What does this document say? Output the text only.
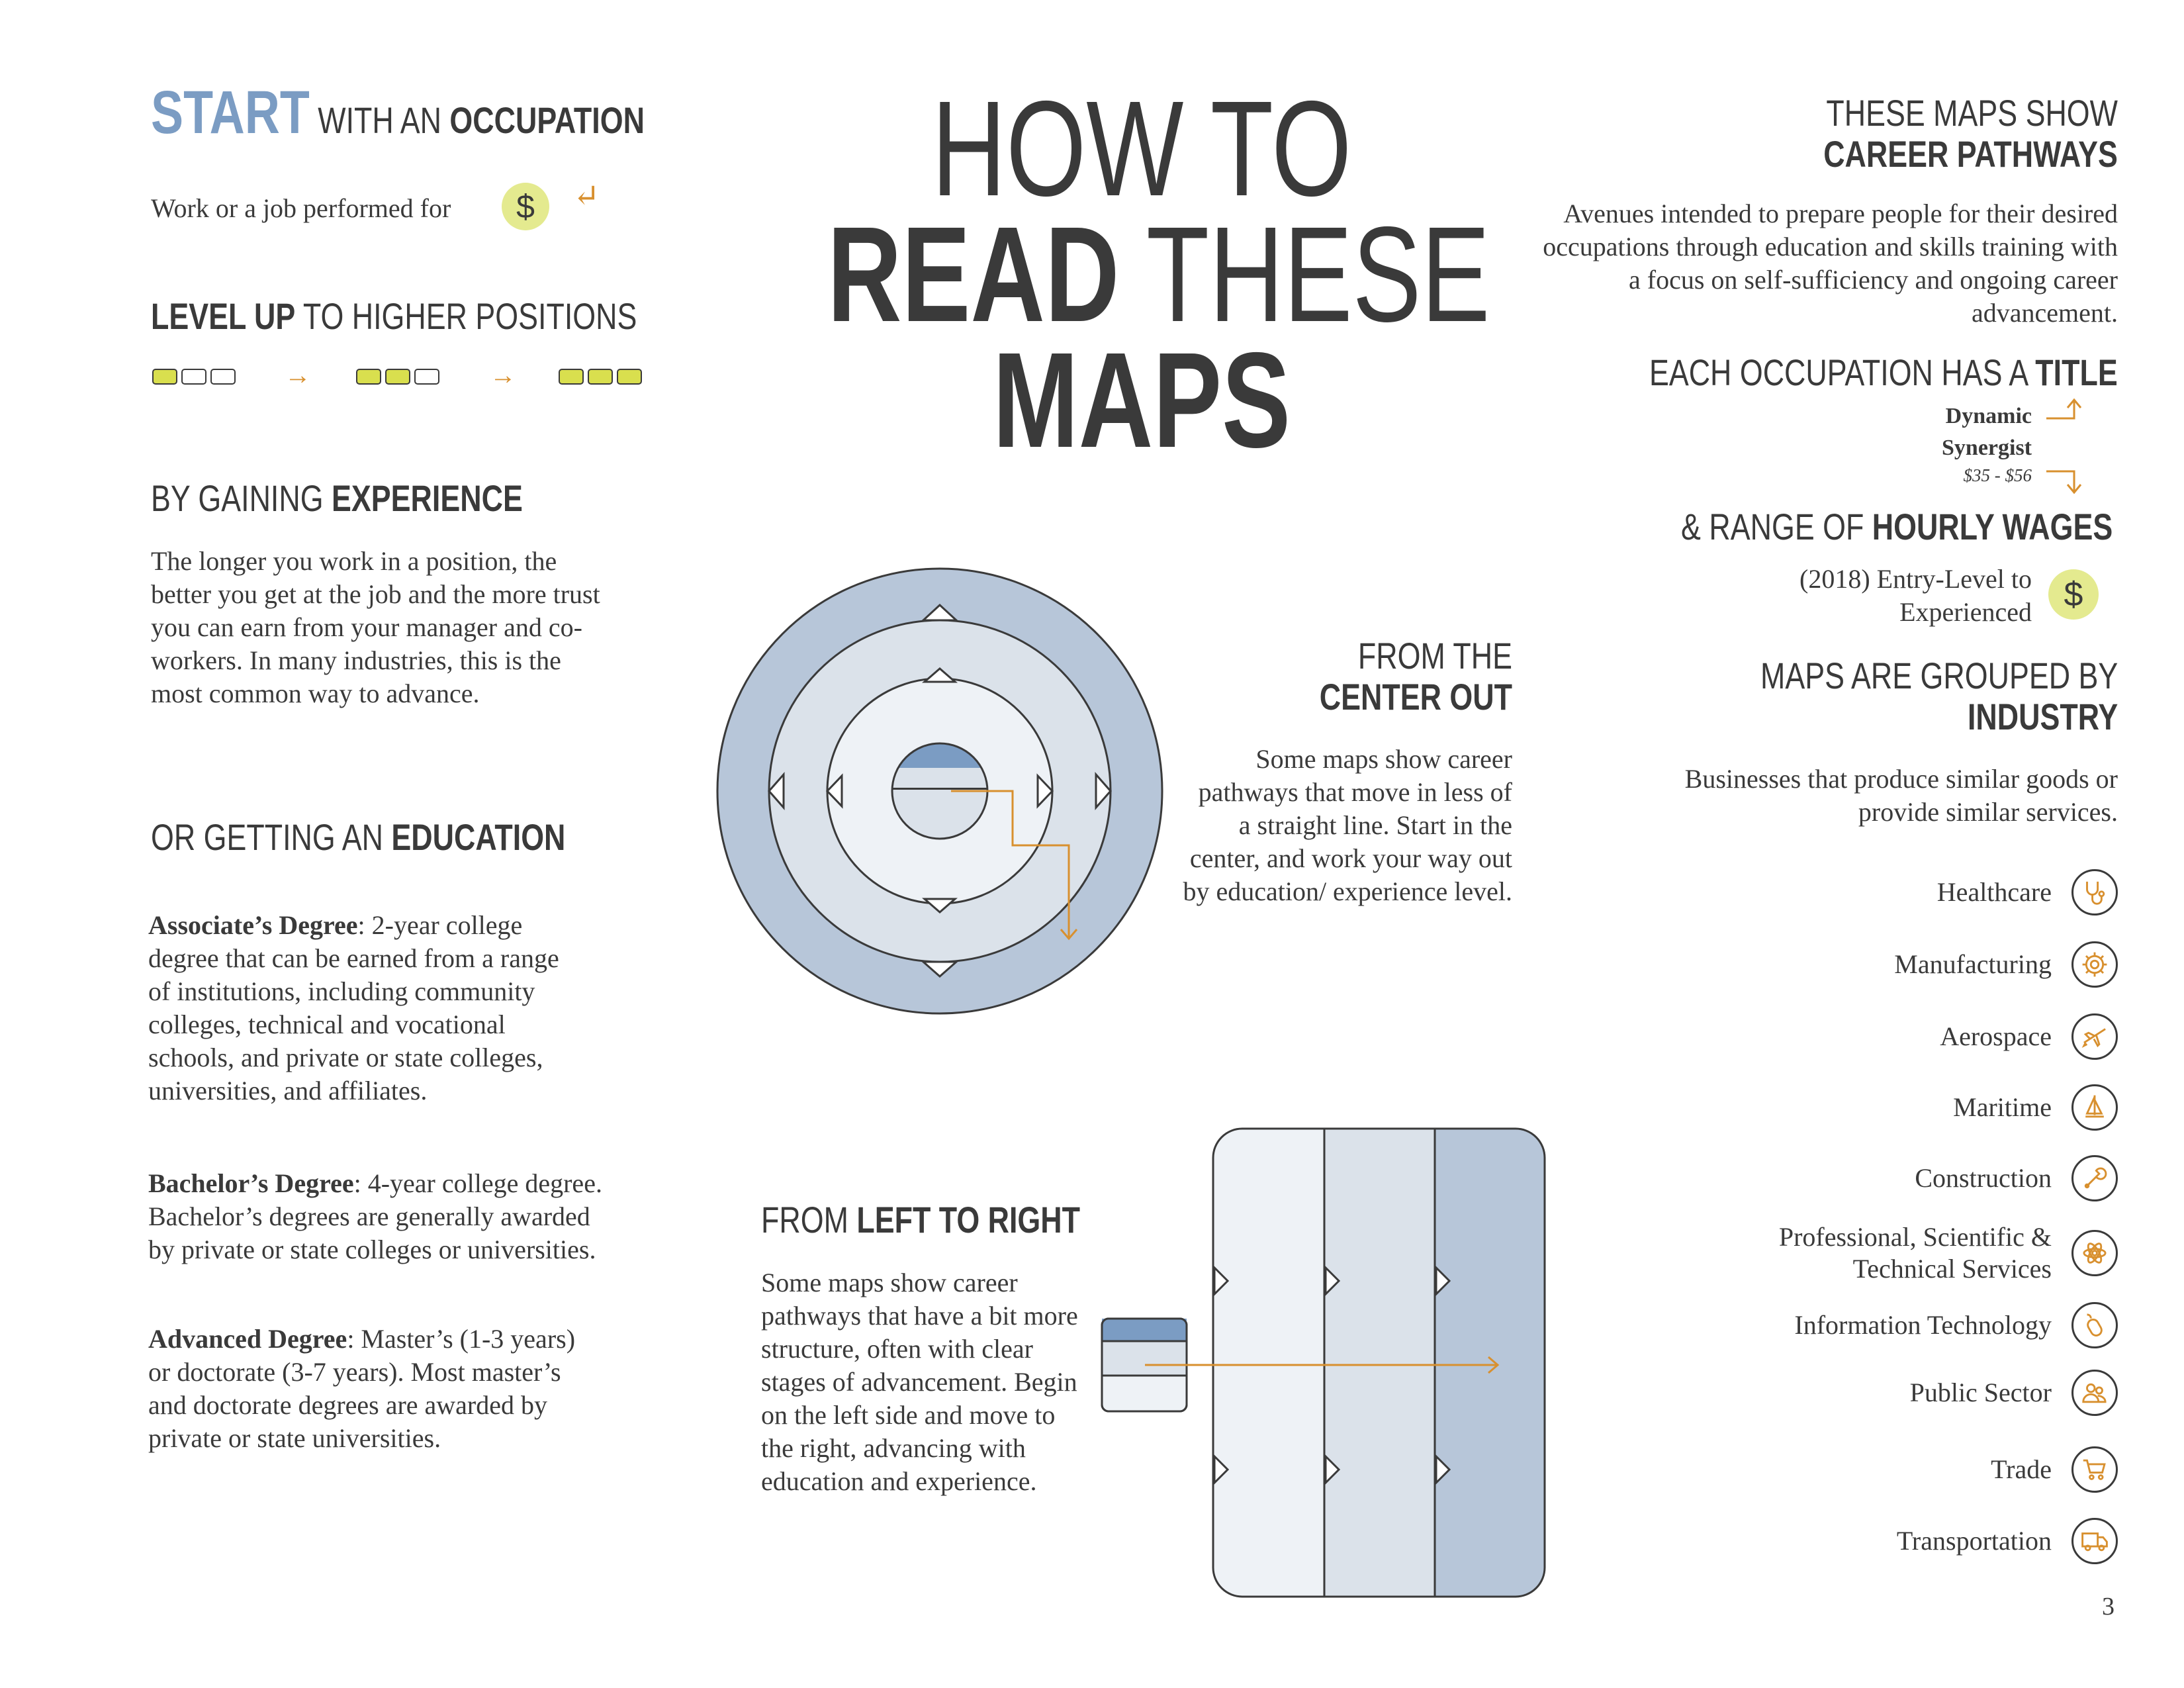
START WITH AN OCCUPATION
Work or a job performed for	$	↵
LEVEL UP TO HIGHER POSITIONS
→	→
BY GAINING EXPERIENCE
The longer you work in a position, the better you get at the job and the more trust you can earn from your manager and co-workers. In many industries, this is the most common way to advance.
OR GETTING AN EDUCATION
Associate’s Degree: 2-year college degree that can be earned from a range of institutions, including community colleges, technical and vocational schools, and private or state colleges, universities, and affiliates.
Bachelor’s Degree: 4-year college degree. Bachelor’s degrees are generally awarded by private or state colleges or universities.
Advanced Degree: Master’s (1-3 years) or doctorate (3-7 years). Most master’s and doctorate degrees are awarded by private or state universities.
HOW TO
READ THESE
MAPS
FROM THE
CENTER OUT
Some maps show career pathways that move in less of a straight line. Start in the center, and work your way out by education/ experience level.
FROM LEFT TO RIGHT
Some maps show career pathways that have a bit more structure, often with clear stages of advancement. Begin on the left side and move to the right, advancing with education and experience.
THESE MAPS SHOW
CAREER PATHWAYS
Avenues intended to prepare people for their desired occupations through education and skills training with a focus on self-sufficiency and ongoing career advancement.
EACH OCCUPATION HAS A TITLE
Dynamic
Synergist
$35 - $56
& RANGE OF HOURLY WAGES
(2018) Entry-Level to
Experienced $
MAPS ARE GROUPED BY
INDUSTRY
Businesses that produce similar goods or provide similar services.
Healthcare
Manufacturing
Aerospace
Maritime
Construction
Professional, Scientific & Technical Services
Information Technology
Public Sector
Trade
Transportation
3
